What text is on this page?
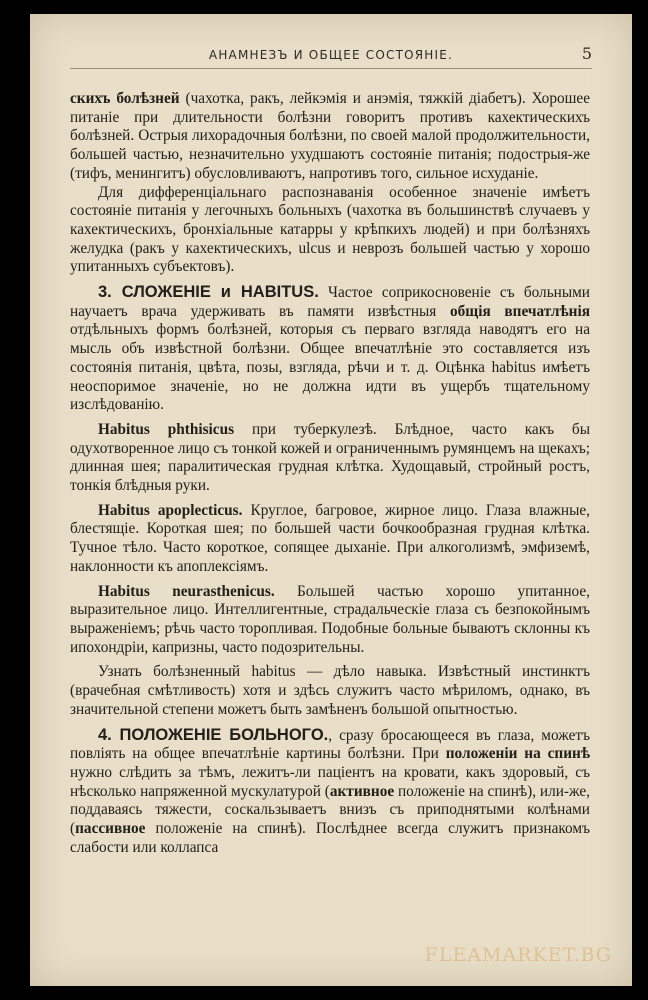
АНАМНЕЗЪ И ОБЩЕЕ СОСТОЯНІЕ.	5

скихъ болѣзней (чахотка, ракъ, лейкэмія и анэмія, тяжкій діабетъ). Хорошее питаніе при длительности болѣзни говоритъ противъ кахектическихъ болѣзней. Острыя лихорадочныя болѣзни, по своей малой продолжительности, большей частью, незначительно ухудшаютъ состояніе питанія; подострыя-же (тифъ, менингитъ) обусловливаютъ, напротивъ того, сильное исхуданіе.

Для дифференціальнаго распознаванія особенное значеніе имѣетъ состояніе питанія у легочныхъ больныхъ (чахотка въ большинствѣ случаевъ у кахектическихъ, бронхіальные катарры у крѣпкихъ людей) и при болѣзняхъ желудка (ракъ у кахектическихъ, ulcus и неврозъ большей частью у хорошо упитанныхъ субъектовъ).

3. СЛОЖЕНІЕ и HABITUS. Частое соприкосновеніе съ больными научаетъ врача удерживать въ памяти извѣстныя общія впечатлѣнія отдѣльныхъ формъ болѣзней, которыя съ перваго взгляда наводятъ его на мысль объ извѣстной болѣзни. Общее впечатлѣніе это составляется изъ состоянія питанія, цвѣта, позы, взгляда, рѣчи и т. д. Оцѣнка habitus имѣетъ неоспоримое значеніе, но не должна идти въ ущербъ тщательному изслѣдованію.

Habitus phthisicus при туберкулезѣ. Блѣдное, часто какъ бы одухотворенное лицо съ тонкой кожей и ограниченнымъ румянцемъ на щекахъ; длинная шея; паралитическая грудная клѣтка. Худощавый, стройный ростъ, тонкія блѣдныя руки.

Habitus apoplecticus. Круглое, багровое, жирное лицо. Глаза влажные, блестящіе. Короткая шея; по большей части бочкообразная грудная клѣтка. Тучное тѣло. Часто короткое, сопящее дыханіе. При алкоголизмѣ, эмфиземѣ, наклонности къ апоплексіямъ.

Habitus neurasthenicus. Большей частью хорошо упитанное, выразительное лицо. Интеллигентные, страдальческіе глаза съ безпокойнымъ выраженіемъ; рѣчь часто торопливая. Подобные больные бываютъ склонны къ ипохондріи, капризны, часто подозрительны.

Узнать болѣзненный habitus — дѣло навыка. Извѣстный инстинктъ (врачебная смѣтливость) хотя и здѣсь служитъ часто мѣриломъ, однако, въ значительной степени можетъ быть замѣненъ большой опытностью.

4. ПОЛОЖЕНІЕ БОЛЬНОГО., сразу бросающееся въ глаза, можетъ повліять на общее впечатлѣніе картины болѣзни. При положеніи на спинѣ нужно слѣдить за тѣмъ, лежитъ-ли паціентъ на кровати, какъ здоровый, съ нѣсколько напряженной мускулатурой (активное положеніе на спинѣ), или-же, поддаваясь тяжести, соскальзываетъ внизъ съ приподнятыми колѣнами (пассивное положеніе на спинѣ). Послѣднее всегда служитъ признакомъ слабости или коллапса

FLEAMARKET.BG
